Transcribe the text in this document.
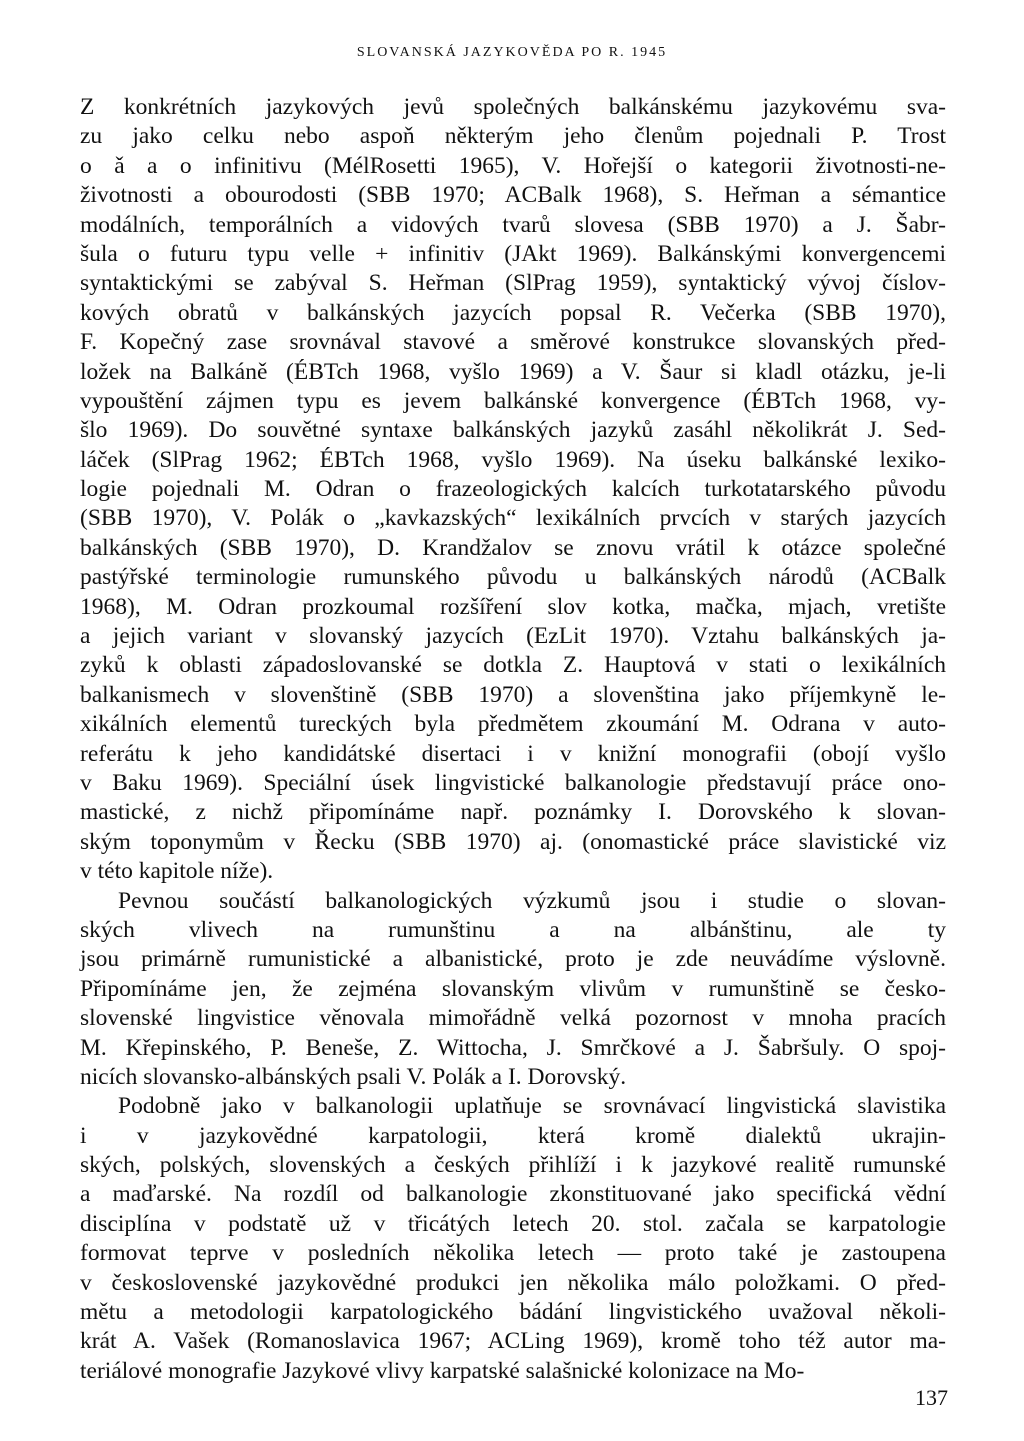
SLOVANSKÁ JAZYKOVĚDA PO R. 1945
Z konkrétních jazykových jevů společných balkánskému jazykovému sva-
zu jako celku nebo aspoň některým jeho členům pojednali P. Trost
o ǎ a o infinitivu (MélRosetti 1965), V. Hořejší o kategorii životnosti-ne-
životnosti a obourodosti (SBB 1970; ACBalk 1968), S. Heřman a sémantice
modálních, temporálních a vidových tvarů slovesa (SBB 1970) a J. Šabr-
šula o futuru typu velle + infinitiv (JAkt 1969). Balkánskými konvergencemi
syntaktickými se zabýval S. Heřman (SlPrag 1959), syntaktický vývoj číslov-
kových obratů v balkánských jazycích popsal R. Večerka (SBB 1970),
F. Kopečný zase srovnával stavové a směrové konstrukce slovanských před-
ložek na Balkáně (ÉBTch 1968, vyšlo 1969) a V. Šaur si kladl otázku, je-li
vypouštění zájmen typu es jevem balkánské konvergence (ÉBTch 1968, vy-
šlo 1969). Do souvětné syntaxe balkánských jazyků zasáhl několikrát J. Sed-
láček (SlPrag 1962; ÉBTch 1968, vyšlo 1969). Na úseku balkánské lexiko-
logie pojednali M. Odran o frazeologických kalcích turkotatarského původu
(SBB 1970), V. Polák o „kavkazských“ lexikálních prvcích v starých jazycích
balkánských (SBB 1970), D. Krandžalov se znovu vrátil k otázce společné
pastýřské terminologie rumunského původu u balkánských národů (ACBalk
1968), M. Odran prozkoumal rozšíření slov kotka, mačka, mjach, vretište
a jejich variant v slovanský jazycích (EzLit 1970). Vztahu balkánských ja-
zyků k oblasti západoslovanské se dotkla Z. Hauptová v stati o lexikálních
balkanismech v slovenštině (SBB 1970) a slovenština jako příjemkyně le-
xikálních elementů tureckých byla předmětem zkoumání M. Odrana v auto-
referátu k jeho kandidátské disertaci i v knižní monografii (obojí vyšlo
v Baku 1969). Speciální úsek lingvistické balkanologie představují práce ono-
mastické, z nichž připomínáme např. poznámky I. Dorovského k slovan-
ským toponymům v Řecku (SBB 1970) aj. (onomastické práce slavistické viz
v této kapitole níže).
Pevnou součástí balkanologických výzkumů jsou i studie o slovan-
ských vlivech na rumunštinu a na albánštinu, ale ty
jsou primárně rumunistické a albanistické, proto je zde neuvádíme výslovně.
Připomínáme jen, že zejména slovanským vlivům v rumunštině se česko-
slovenské lingvistice věnovala mimořádně velká pozornost v mnoha pracích
M. Křepinského, P. Beneše, Z. Wittocha, J. Smrčkové a J. Šabršuly. O spoj-
nicích slovansko-albánských psali V. Polák a I. Dorovský.
Podobně jako v balkanologii uplatňuje se srovnávací lingvistická slavistika
i v jazykovědné karpatologii, která kromě dialektů ukrajin-
ských, polských, slovenských a českých přihlíží i k jazykové realitě rumunské
a maďarské. Na rozdíl od balkanologie zkonstituované jako specifická vědní
disciplína v podstatě už v třicátých letech 20. stol. začala se karpatologie
formovat teprve v posledních několika letech — proto také je zastoupena
v československé jazykovědné produkci jen několika málo položkami. O před-
mětu a metodologii karpatologického bádání lingvistického uvažoval několi-
krát A. Vašek (Romanoslavica 1967; ACLing 1969), kromě toho též autor ma-
teriálové monografie Jazykové vlivy karpatské salašnické kolonizace na Mo-
137
